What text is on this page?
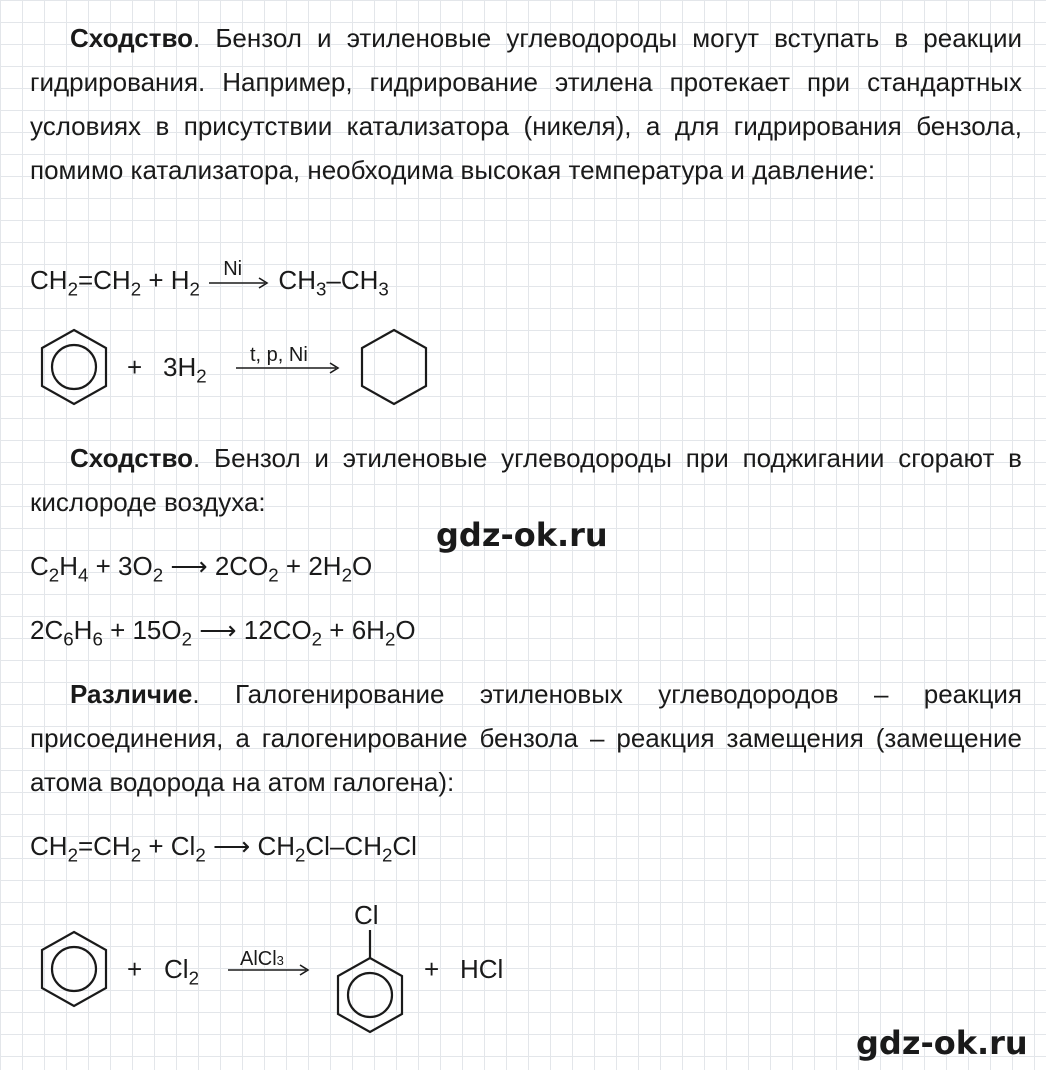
Сходство. Бензол и этиленовые углеводороды могут вступать в реакции гидрирования. Например, гидрирование этилена протекает при стандартных условиях в присутствии катализатора (никеля), а для гидрирования бензола, помимо катализатора, необходима высокая температура и давление:

$CH_2=CH_2 + H_2$
Ni $CH_3-CH_3$
+ $3H_2$
t, p, Ni

Сходство. Бензол и этиленовые углеводороды при поджигании сгорают в кислороде воздуха:

$C_2H_4 + 3O_2$ ⟶ $2CO_2 + 2H_2O$
$2C_6H_6 + 15O_2$ ⟶ $12CO_2 + 6H_2O$

Различие. Галогенирование этиленовых углеводородов – реакция присоединения, а галогенирование бензола – реакция замещения (замещение атома водорода на атом галогена):

$CH_2=CH_2 + Cl_2$ ⟶ $CH_2Cl-CH_2Cl$
+ $Cl_2$
AlCl3
Cl
+ HCl
gdz-ok.ru
gdz-ok.ru
